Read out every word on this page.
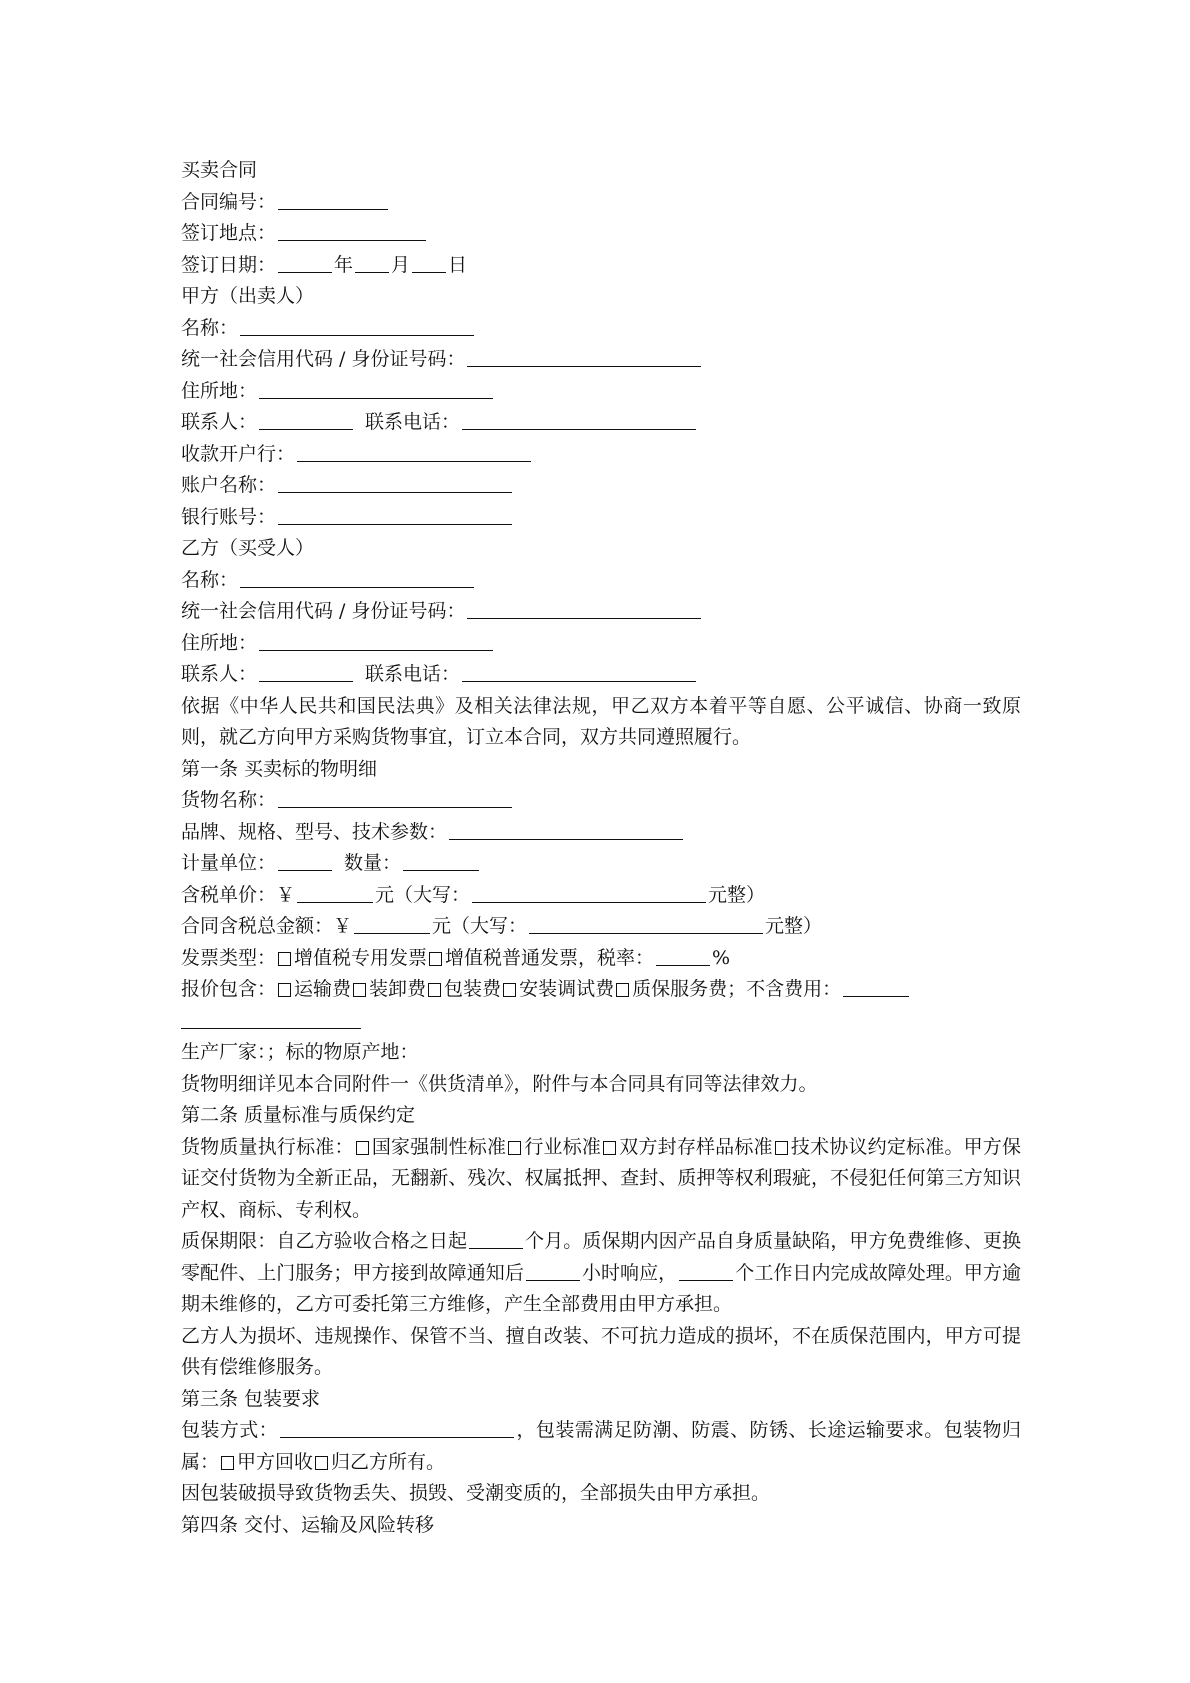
买卖合同
合同编号：
签订地点：
签订日期：	年 月 日
甲方（出卖人）
名称：
统一社会信用代码 / 身份证号码：
住所地：
联系人：	联系电话：
收款开户行：
账户名称：
银行账号：
乙方（买受人）
名称：
统一社会信用代码 / 身份证号码：
住所地：
联系人：	联系电话：
依据《中华人民共和国民法典》及相关法律法规，甲乙双方本着平等自愿、公平诚信、协商一致原则，就乙方向甲方采购货物事宜，订立本合同，双方共同遵照履行。
第一条 买卖标的物明细
货物名称：
品牌、规格、型号、技术参数：
计量单位：	数量：
含税单价：￥	元（大写：	元整）
合同含税总金额：￥	元（大写：	元整）
发票类型： 增值税专用发票 增值税普通发票，税率：	%
报价包含： 运输费 装卸费 包装费 安装调试费 质保服务费；不含费用：
生产厂家：；标的物原产地：
货物明细详见本合同附件一《供货清单》，附件与本合同具有同等法律效力。
第二条 质量标准与质保约定
货物质量执行标准： 国家强制性标准 行业标准 双方封存样品标准 技术协议约定标准。甲方保证交付货物为全新正品，无翻新、残次、权属抵押、查封、质押等权利瑕疵，不侵犯任何第三方知识产权、商标、专利权。
质保期限：自乙方验收合格之日起	个月。质保期内因产品自身质量缺陷，甲方免费维修、更换零配件、上门服务；甲方接到故障通知后	小时响应，	个工作日内完成故障处理。甲方逾期未维修的，乙方可委托第三方维修，产生全部费用由甲方承担。
乙方人为损坏、违规操作、保管不当、擅自改装、不可抗力造成的损坏，不在质保范围内，甲方可提供有偿维修服务。
第三条 包装要求
包装方式：	，包装需满足防潮、防震、防锈、长途运输要求。包装物归属： 甲方回收 归乙方所有。
因包装破损导致货物丢失、损毁、受潮变质的，全部损失由甲方承担。
第四条 交付、运输及风险转移
